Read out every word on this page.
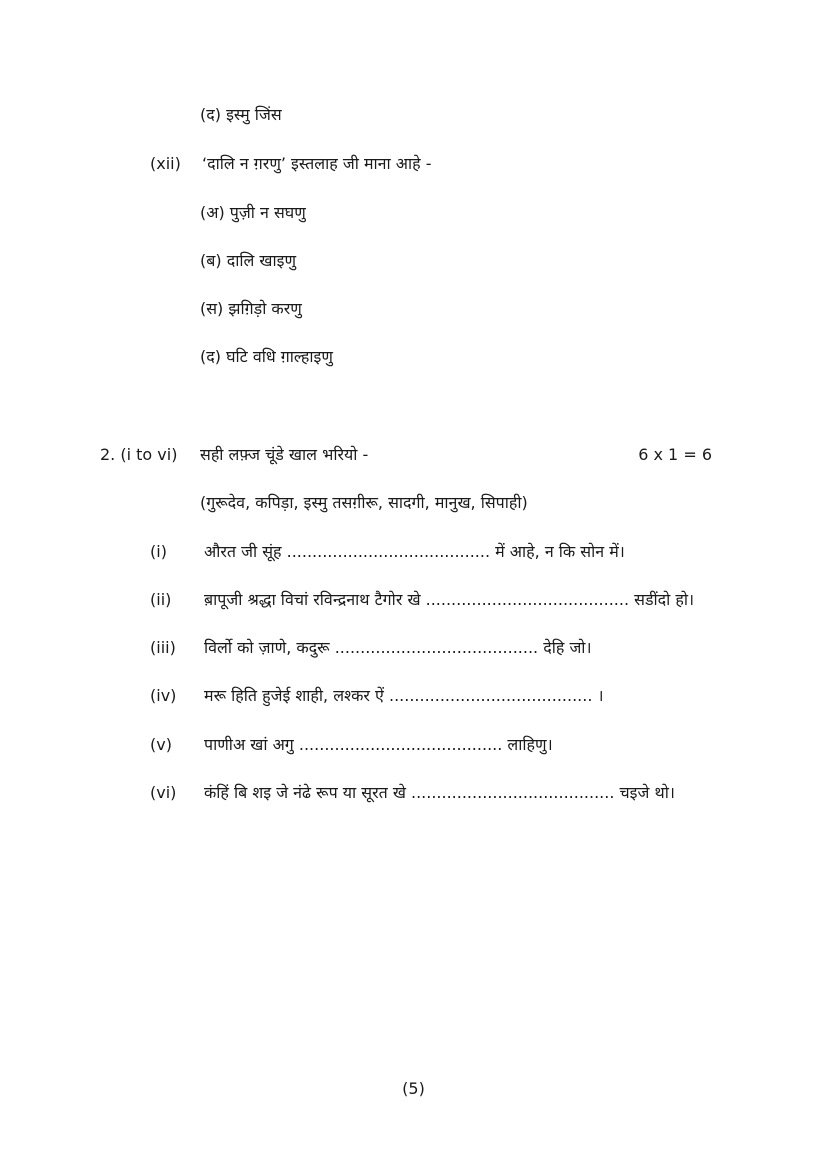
(द) इस्मु जिंस
(xii) ‘दालि न ग़रणु’ इस्तलाह जी माना आहे -
(अ) पुज़ी न सघणु
(ब) दालि खाइणु
(स) झग़िड़ो करणु
(द) घटि वधि ग़ाल्हाइणु
2. (i to vi) सही लफ़्ज चूंडे खाल भरियो -	6 x 1 = 6
(गुरूदेव, कपिड़ा, इस्मु तसग़ीरू, सादगी, मानुख, सिपाही)
(i) औरत जी सूंह ........................................ में आहे, न कि सोन में।
(ii) ब़ापूजी श्रद्धा विचां रविन्द्रनाथ टैगोर खे ........................................ सडींदो हो।
(iii) विर्लो को ज़ाणे, कदुरू ........................................ देहि जो।
(iv) मरू हिति हुजेई शाही, लश्कर ऐं ........................................ ।
(v) पाणीअ खां अगु ........................................ लाहिणु।
(vi) कंहिं बि शइ जे नंढे रूप या सूरत खे ........................................ चइजे थो।
(5)
